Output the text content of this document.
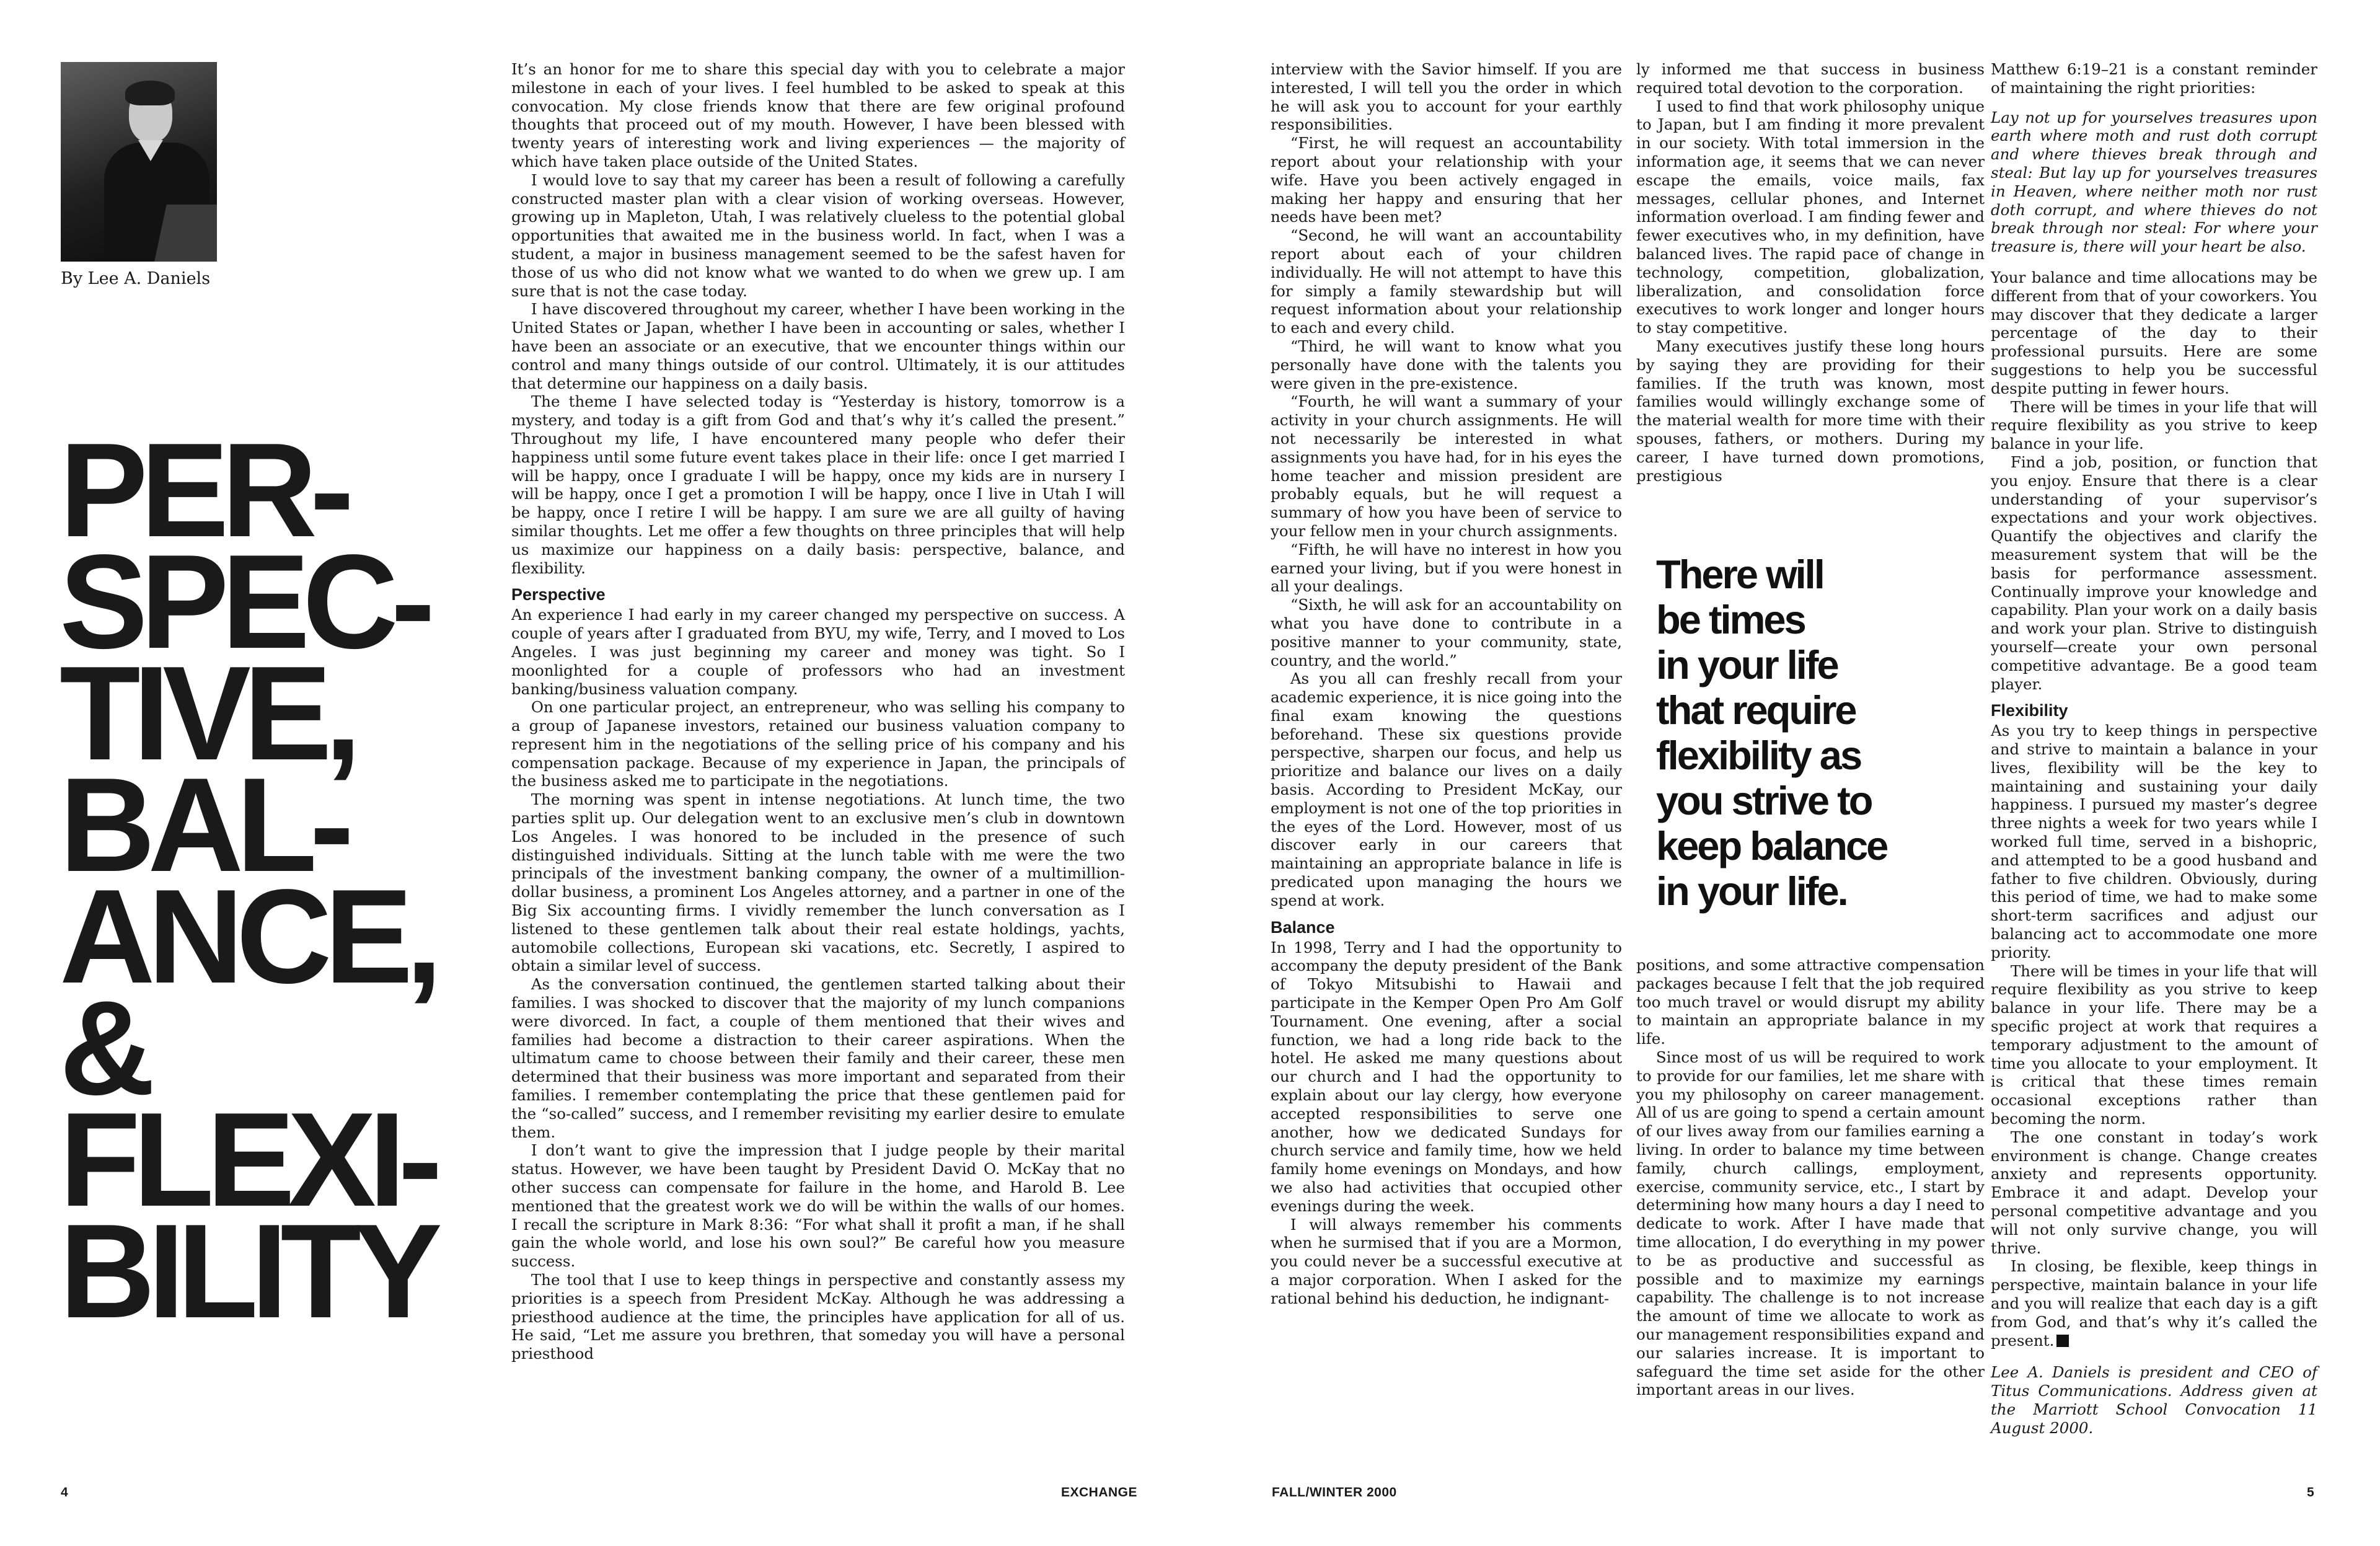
By Lee A. Daniels
PER-
SPEC-
TIVE,
BAL-
ANCE,
&
FLEXI-
BILITY

It’s an honor for me to share this special day with you to celebrate a major milestone in each of your lives. I feel humbled to be asked to speak at this convocation. My close friends know that there are few original profound thoughts that proceed out of my mouth. However, I have been blessed with twenty years of interesting work and living experiences — the majority of which have taken place outside of the United States.

I would love to say that my career has been a result of following a carefully constructed master plan with a clear vision of working overseas. However, growing up in Mapleton, Utah, I was relatively clueless to the potential global opportunities that awaited me in the business world. In fact, when I was a student, a major in business management seemed to be the safest haven for those of us who did not know what we wanted to do when we grew up. I am sure that is not the case today.

I have discovered throughout my career, whether I have been working in the United States or Japan, whether I have been in accounting or sales, whether I have been an associate or an executive, that we encounter things within our control and many things outside of our control. Ultimately, it is our attitudes that determine our happiness on a daily basis.

The theme I have selected today is “Yesterday is history, tomorrow is a mystery, and today is a gift from God and that’s why it’s called the present.” Throughout my life, I have encountered many people who defer their happiness until some future event takes place in their life: once I get married I will be happy, once I graduate I will be happy, once my kids are in nursery I will be happy, once I get a promotion I will be happy, once I live in Utah I will be happy, once I retire I will be happy. I am sure we are all guilty of having similar thoughts. Let me offer a few thoughts on three principles that will help us maximize our happiness on a daily basis: perspective, balance, and flexibility.

Perspective

An experience I had early in my career changed my perspective on success. A couple of years after I graduated from BYU, my wife, Terry, and I moved to Los Angeles. I was just beginning my career and money was tight. So I moonlighted for a couple of professors who had an investment banking/business valuation company.

On one particular project, an entrepreneur, who was selling his company to a group of Japanese investors, retained our business valuation company to represent him in the negotiations of the selling price of his company and his compensation package. Because of my experience in Japan, the principals of the business asked me to participate in the negotiations.

The morning was spent in intense negotiations. At lunch time, the two parties split up. Our delegation went to an exclusive men’s club in downtown Los Angeles. I was honored to be included in the presence of such distinguished individuals. Sitting at the lunch table with me were the two principals of the investment banking company, the owner of a multimillion-dollar business, a prominent Los Angeles attorney, and a partner in one of the Big Six accounting firms. I vividly remember the lunch conversation as I listened to these gentlemen talk about their real estate holdings, yachts, automobile collections, European ski vacations, etc. Secretly, I aspired to obtain a similar level of success.

As the conversation continued, the gentlemen started talking about their families. I was shocked to discover that the majority of my lunch companions were divorced. In fact, a couple of them mentioned that their wives and families had become a distraction to their career aspirations. When the ultimatum came to choose between their family and their career, these men determined that their business was more important and separated from their families. I remember contemplating the price that these gentlemen paid for the “so-called” success, and I remember revisiting my earlier desire to emulate them.

I don’t want to give the impression that I judge people by their marital status. However, we have been taught by President David O. McKay that no other success can compensate for failure in the home, and Harold B. Lee mentioned that the greatest work we do will be within the walls of our homes. I recall the scripture in Mark 8:36: “For what shall it profit a man, if he shall gain the whole world, and lose his own soul?” Be careful how you measure success.

The tool that I use to keep things in perspective and constantly assess my priorities is a speech from President McKay. Although he was addressing a priesthood audience at the time, the principles have application for all of us. He said, “Let me assure you brethren, that someday you will have a personal priesthood

interview with the Savior himself. If you are interested, I will tell you the order in which he will ask you to account for your earthly responsibilities.

“First, he will request an accountability report about your relationship with your wife. Have you been actively engaged in making her happy and ensuring that her needs have been met?

“Second, he will want an accountability report about each of your children individually. He will not attempt to have this for simply a family stewardship but will request information about your relationship to each and every child.

“Third, he will want to know what you personally have done with the talents you were given in the pre-existence.

“Fourth, he will want a summary of your activity in your church assignments. He will not necessarily be interested in what assignments you have had, for in his eyes the home teacher and mission president are probably equals, but he will request a summary of how you have been of service to your fellow men in your church assignments.

“Fifth, he will have no interest in how you earned your living, but if you were honest in all your dealings.

“Sixth, he will ask for an accountability on what you have done to contribute in a positive manner to your community, state, country, and the world.”

As you all can freshly recall from your academic experience, it is nice going into the final exam knowing the questions beforehand. These six questions provide perspective, sharpen our focus, and help us prioritize and balance our lives on a daily basis. According to President McKay, our employment is not one of the top priorities in the eyes of the Lord. However, most of us discover early in our careers that maintaining an appropriate balance in life is predicated upon managing the hours we spend at work.

Balance

In 1998, Terry and I had the opportunity to accompany the deputy president of the Bank of Tokyo Mitsubishi to Hawaii and participate in the Kemper Open Pro Am Golf Tournament. One evening, after a social function, we had a long ride back to the hotel. He asked me many questions about our church and I had the opportunity to explain about our lay clergy, how everyone accepted responsibilities to serve one another, how we dedicated Sundays for church service and family time, how we held family home evenings on Mondays, and how we also had activities that occupied other evenings during the week.

I will always remember his comments when he surmised that if you are a Mormon, you could never be a successful executive at a major corporation. When I asked for the rational behind his deduction, he indignant-

ly informed me that success in business required total devotion to the corporation.

I used to find that work philosophy unique to Japan, but I am finding it more prevalent in our society. With total immersion in the information age, it seems that we can never escape the emails, voice mails, fax messages, cellular phones, and Internet information overload. I am finding fewer and fewer executives who, in my definition, have balanced lives. The rapid pace of change in technology, competition, globalization, liberalization, and consolidation force executives to work longer and longer hours to stay competitive.

Many executives justify these long hours by saying they are providing for their families. If the truth was known, most families would willingly exchange some of the material wealth for more time with their spouses, fathers, or mothers. During my career, I have turned down promotions, prestigious

There will
be times
in your life
that require
flexibility as
you strive to
keep balance
in your life.

positions, and some attractive compensation packages because I felt that the job required too much travel or would disrupt my ability to maintain an appropriate balance in my life.

Since most of us will be required to work to provide for our families, let me share with you my philosophy on career management. All of us are going to spend a certain amount of our lives away from our families earning a living. In order to balance my time between family, church callings, employment, exercise, community service, etc., I start by determining how many hours a day I need to dedicate to work. After I have made that time allocation, I do everything in my power to be as productive and successful as possible and to maximize my earnings capability. The challenge is to not increase the amount of time we allocate to work as our management responsibilities expand and our salaries increase. It is important to safeguard the time set aside for the other important areas in our lives.

Matthew 6:19–21 is a constant reminder of maintaining the right priorities:

Lay not up for yourselves treasures upon earth where moth and rust doth corrupt and where thieves break through and steal: But lay up for yourselves treasures in Heaven, where neither moth nor rust doth corrupt, and where thieves do not break through nor steal: For where your treasure is, there will your heart be also.

Your balance and time allocations may be different from that of your coworkers. You may discover that they dedicate a larger percentage of the day to their professional pursuits. Here are some suggestions to help you be successful despite putting in fewer hours.

There will be times in your life that will require flexibility as you strive to keep balance in your life.

Find a job, position, or function that you enjoy. Ensure that there is a clear understanding of your supervisor’s expectations and your work objectives. Quantify the objectives and clarify the measurement system that will be the basis for performance assessment. Continually improve your knowledge and capability. Plan your work on a daily basis and work your plan. Strive to distinguish yourself—create your own personal competitive advantage. Be a good team player.

Flexibility

As you try to keep things in perspective and strive to maintain a balance in your lives, flexibility will be the key to maintaining and sustaining your daily happiness. I pursued my master’s degree three nights a week for two years while I worked full time, served in a bishopric, and attempted to be a good husband and father to five children. Obviously, during this period of time, we had to make some short-term sacrifices and adjust our balancing act to accommodate one more priority.

There will be times in your life that will require flexibility as you strive to keep balance in your life. There may be a specific project at work that requires a temporary adjustment to the amount of time you allocate to your employment. It is critical that these times remain occasional exceptions rather than becoming the norm.

The one constant in today’s work environment is change. Change creates anxiety and represents opportunity. Embrace it and adapt. Develop your personal competitive advantage and you will not only survive change, you will thrive.

In closing, be flexible, keep things in perspective, maintain balance in your life and you will realize that each day is a gift from God, and that’s why it’s called the present.

Lee A. Daniels is president and CEO of Titus Communications. Address given at the Marriott School Convocation 11 August 2000.

4	EXCHANGE	FALL/WINTER 2000	5
